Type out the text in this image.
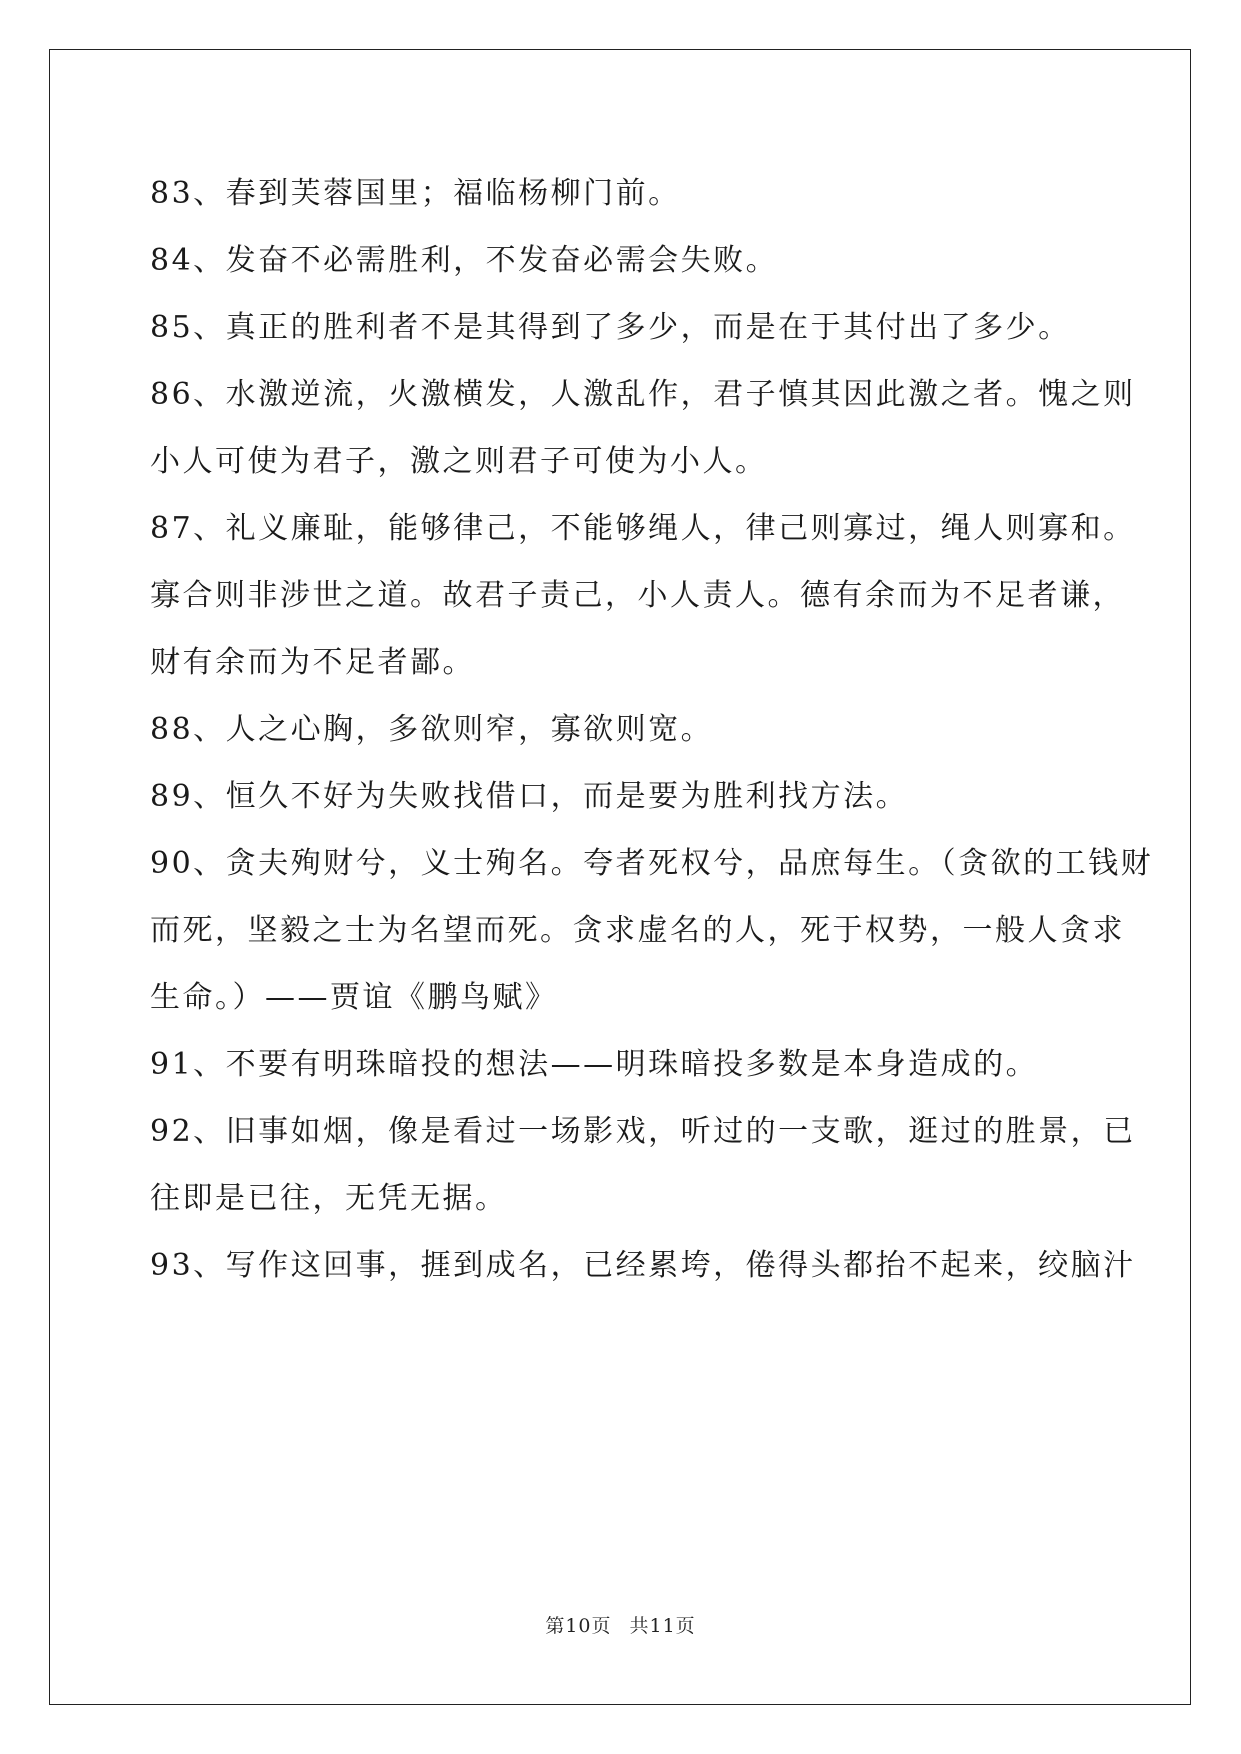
83、春到芙蓉国里；福临杨柳门前。

84、发奋不必需胜利，不发奋必需会失败。

85、真正的胜利者不是其得到了多少，而是在于其付出了多少。

86、水激逆流，火激横发，人激乱作，君子慎其因此激之者。愧之则

小人可使为君子，激之则君子可使为小人。

87、礼义廉耻，能够律己，不能够绳人，律己则寡过，绳人则寡和。

寡合则非涉世之道。故君子责己，小人责人。德有余而为不足者谦，

财有余而为不足者鄙。

88、人之心胸，多欲则窄，寡欲则宽。

89、恒久不好为失败找借口，而是要为胜利找方法。

90、贪夫殉财兮，义士殉名。夸者死权兮，品庶每生。（贪欲的工钱财

而死，坚毅之士为名望而死。贪求虚名的人，死于权势，一般人贪求

生命。）——贾谊《鹏鸟赋》

91、不要有明珠暗投的想法——明珠暗投多数是本身造成的。

92、旧事如烟，像是看过一场影戏，听过的一支歌，逛过的胜景，已

往即是已往，无凭无据。

93、写作这回事，捱到成名，已经累垮，倦得头都抬不起来，绞脑汁

第10页 共11页
